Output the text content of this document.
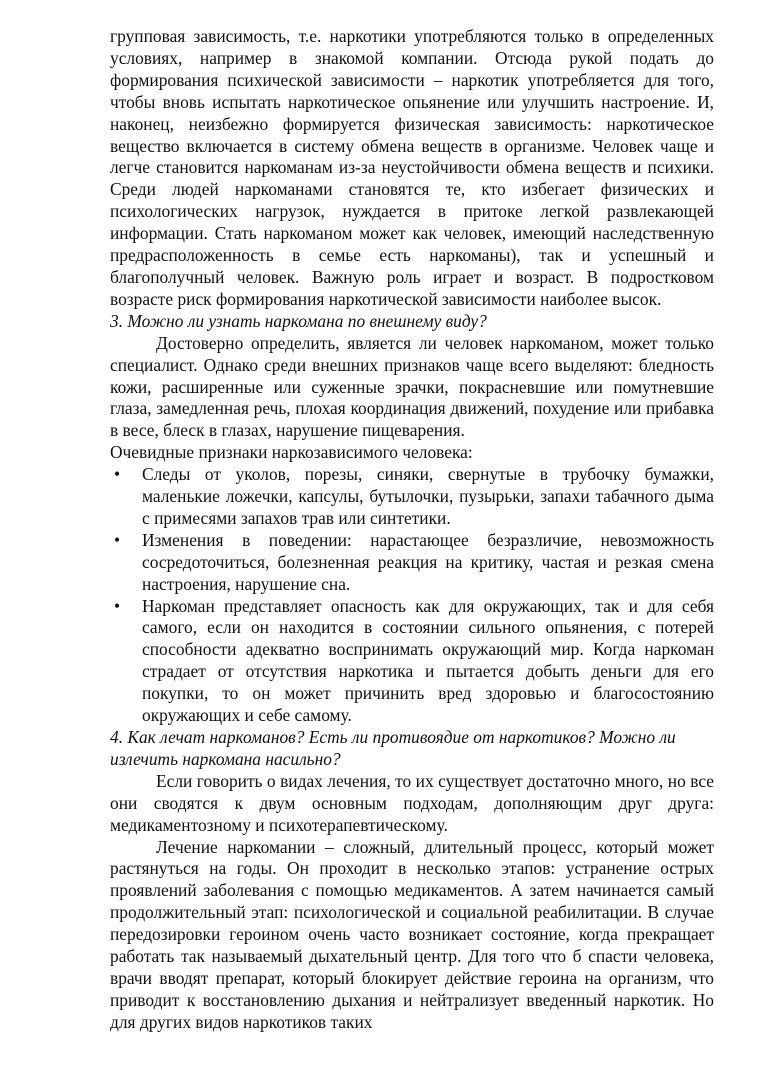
групповая зависимость, т.е. наркотики употребляются только в определенных условиях, например в знакомой компании. Отсюда рукой подать до формирования психической зависимости – наркотик употребляется для того, чтобы вновь испытать наркотическое опьянение или улучшить настроение. И, наконец, неизбежно формируется физическая зависимость: наркотическое вещество включается в систему обмена веществ в организме. Человек чаще и легче становится наркоманам из-за неустойчивости обмена веществ и психики. Среди людей наркоманами становятся те, кто избегает физических и психологических нагрузок, нуждается в притоке легкой развлекающей информации. Стать наркоманом может как человек, имеющий наследственную предрасположенность в семье есть наркоманы), так и успешный и благополучный человек. Важную роль играет и возраст. В подростковом возрасте риск формирования наркотической зависимости наиболее высок.

3. Можно ли узнать наркомана по внешнему виду?

Достоверно определить, является ли человек наркоманом, может только специалист. Однако среди внешних признаков чаще всего выделяют: бледность кожи, расширенные или суженные зрачки, покрасневшие или помутневшие глаза, замедленная речь, плохая координация движений, похудение или прибавка в весе, блеск в глазах, нарушение пищеварения.

Очевидные признаки наркозависимого человека:

• Следы от уколов, порезы, синяки, свернутые в трубочку бумажки, маленькие ложечки, капсулы, бутылочки, пузырьки, запахи табачного дыма с примесями запахов трав или синтетики.
• Изменения в поведении: нарастающее безразличие, невозможность сосредоточиться, болезненная реакция на критику, частая и резкая смена настроения, нарушение сна.
• Наркоман представляет опасность как для окружающих, так и для себя самого, если он находится в состоянии сильного опьянения, с потерей способности адекватно воспринимать окружающий мир. Когда наркоман страдает от отсутствия наркотика и пытается добыть деньги для его покупки, то он может причинить вред здоровью и благосостоянию окружающих и себе самому.

4. Как лечат наркоманов? Есть ли противоядие от наркотиков? Можно ли излечить наркомана насильно?

Если говорить о видах лечения, то их существует достаточно много, но все они сводятся к двум основным подходам, дополняющим друг друга: медикаментозному и психотерапевтическому.

Лечение наркомании – сложный, длительный процесс, который может растянуться на годы. Он проходит в несколько этапов: устранение острых проявлений заболевания с помощью медикаментов. А затем начинается самый продолжительный этап: психологической и социальной реабилитации. В случае передозировки героином очень часто возникает состояние, когда прекращает работать так называемый дыхательный центр. Для того что б спасти человека, врачи вводят препарат, который блокирует действие героина на организм, что приводит к восстановлению дыхания и нейтрализует введенный наркотик. Но для других видов наркотиков таких
